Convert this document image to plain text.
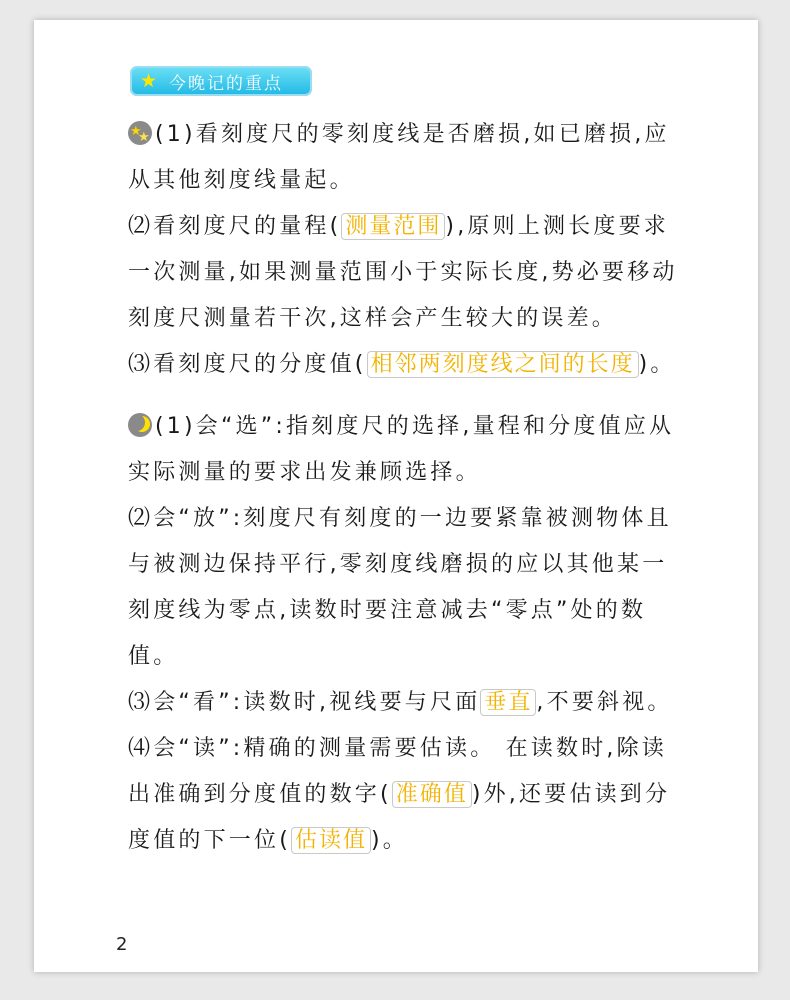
★ 今晚记的重点

★ ★(1)看刻度尺的零刻度线是否磨损,如已磨损,应从其他刻度线量起。

⑵看刻度尺的量程( 测量范围 ),原则上测长度要求一次测量,如果测量范围小于实际长度,势必要移动刻度尺测量若干次,这样会产生较大的误差。

⑶看刻度尺的分度值( 相邻两刻度线之间的长度 )。

(1)会“选”:指刻度尺的选择,量程和分度值应从实际测量的要求出发兼顾选择。

⑵会“放”:刻度尺有刻度的一边要紧靠被测物体且与被测边保持平行,零刻度线磨损的应以其他某一刻度线为零点,读数时要注意减去“零点”处的数值。

⑶会“看”:读数时,视线要与尺面 垂直 ,不要斜视。

⑷会“读”:精确的测量需要估读。 在读数时,除读出准确到分度值的数字( 准确值 )外,还要估读到分度值的下一位( 估读值 )。

2
